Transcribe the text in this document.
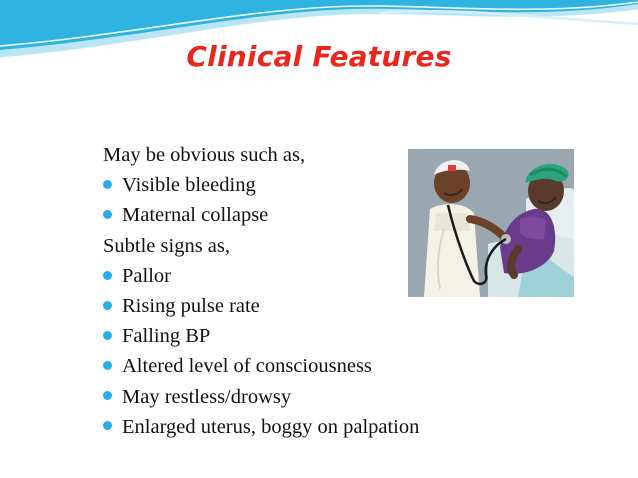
Clinical Features
May be obvious such as,
Visible bleeding
Maternal collapse
Subtle signs as,
Pallor
Rising pulse rate
Falling BP
Altered level of consciousness
May restless/drowsy
Enlarged uterus, boggy on palpation
